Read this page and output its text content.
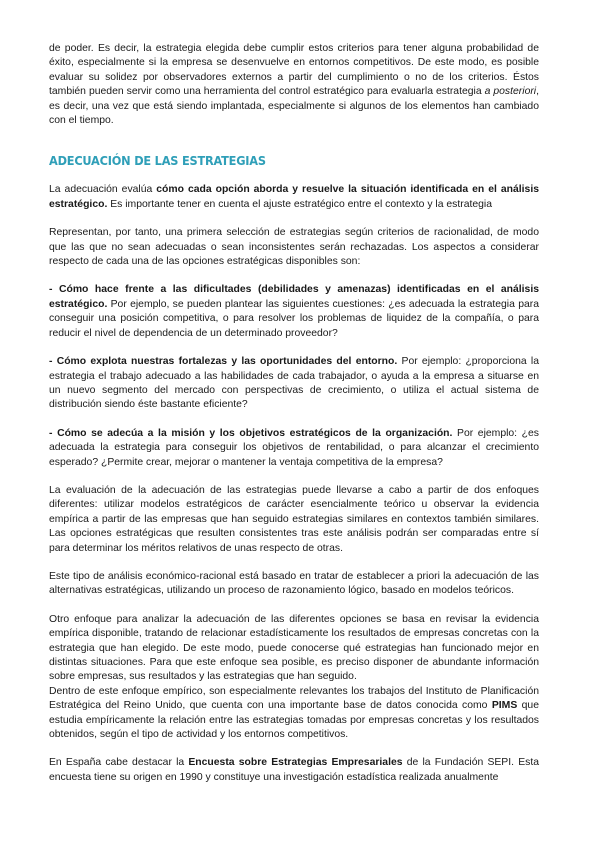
de poder. Es decir, la estrategia elegida debe cumplir estos criterios para tener alguna probabilidad de éxito, especialmente si la empresa se desenvuelve en entornos competitivos. De este modo, es posible evaluar su solidez por observadores externos a partir del cumplimiento o no de los criterios. Éstos también pueden servir como una herramienta del control estratégico para evaluarla estrategia a posteriori, es decir, una vez que está siendo implantada, especialmente si algunos de los elementos han cambiado con el tiempo.

ADECUACIÓN DE LAS ESTRATEGIAS

La adecuación evalúa cómo cada opción aborda y resuelve la situación identificada en el análisis estratégico. Es importante tener en cuenta el ajuste estratégico entre el contexto y la estrategia

Representan, por tanto, una primera selección de estrategias según criterios de racionalidad, de modo que las que no sean adecuadas o sean inconsistentes serán rechazadas. Los aspectos a considerar respecto de cada una de las opciones estratégicas disponibles son:

- Cómo hace frente a las dificultades (debilidades y amenazas) identificadas en el análisis estratégico. Por ejemplo, se pueden plantear las siguientes cuestiones: ¿es adecuada la estrategia para conseguir una posición competitiva, o para resolver los problemas de liquidez de la compañía, o para reducir el nivel de dependencia de un determinado proveedor?

- Cómo explota nuestras fortalezas y las oportunidades del entorno. Por ejemplo: ¿proporciona la estrategia el trabajo adecuado a las habilidades de cada trabajador, o ayuda a la empresa a situarse en un nuevo segmento del mercado con perspectivas de crecimiento, o utiliza el actual sistema de distribución siendo éste bastante eficiente?

- Cómo se adecúa a la misión y los objetivos estratégicos de la organización. Por ejemplo: ¿es adecuada la estrategia para conseguir los objetivos de rentabilidad, o para alcanzar el crecimiento esperado? ¿Permite crear, mejorar o mantener la ventaja competitiva de la empresa?

La evaluación de la adecuación de las estrategias puede llevarse a cabo a partir de dos enfoques diferentes: utilizar modelos estratégicos de carácter esencialmente teórico u observar la evidencia empírica a partir de las empresas que han seguido estrategias similares en contextos también similares. Las opciones estratégicas que resulten consistentes tras este análisis podrán ser comparadas entre sí para determinar los méritos relativos de unas respecto de otras.

Este tipo de análisis económico-racional está basado en tratar de establecer a priori la adecuación de las alternativas estratégicas, utilizando un proceso de razonamiento lógico, basado en modelos teóricos.

Otro enfoque para analizar la adecuación de las diferentes opciones se basa en revisar la evidencia empírica disponible, tratando de relacionar estadísticamente los resultados de empresas concretas con la estrategia que han elegido. De este modo, puede conocerse qué estrategias han funcionado mejor en distintas situaciones. Para que este enfoque sea posible, es preciso disponer de abundante información sobre empresas, sus resultados y las estrategias que han seguido.

Dentro de este enfoque empírico, son especialmente relevantes los trabajos del Instituto de Planificación Estratégica del Reino Unido, que cuenta con una importante base de datos conocida como PIMS que estudia empíricamente la relación entre las estrategias tomadas por empresas concretas y los resultados obtenidos, según el tipo de actividad y los entornos competitivos.

En España cabe destacar la Encuesta sobre Estrategias Empresariales de la Fundación SEPI. Esta encuesta tiene su origen en 1990 y constituye una investigación estadística realizada anualmente
